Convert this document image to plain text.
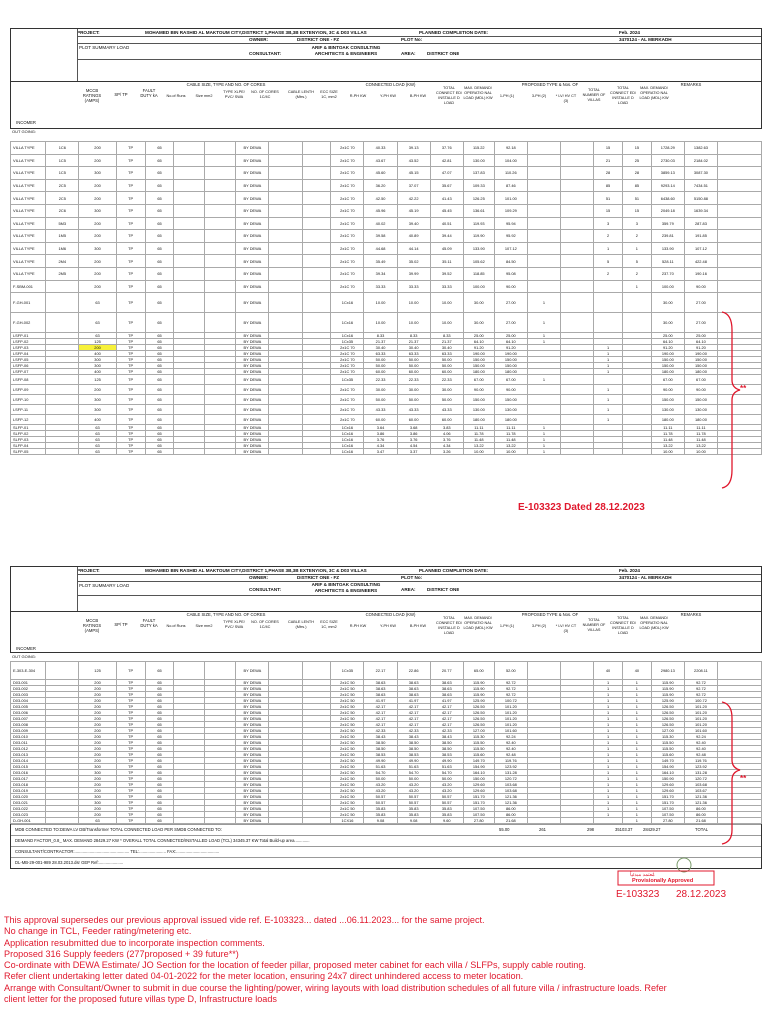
PROJECT:	MOHAMED BIN RASHID AL MAKTOUM CITY,DISTRICT 1,PHASE 3B,3B EXTENYION, 3C & D03 VILLAS	PLANNED COMPLETION DATE:	Feb. 2024
OWNER:	DISTRICT ONE - FZ	PLOT No:	3470124 - AL MERKADH
PLOT SUMMARY LOAD
CONSULTANT:
ARIF & BINTOAK CONSULTING ARCHITECTS & ENGINEERS	AREA: DISTRICT ONE
INCOMER
MCCB RATINGS (AMPS)
SP/ TP
FAULT DUTY kA
CABLE SIZE, TYPE AND NO. OF CORES
No.of Runs	Size mm2
TYPE XLPE/ PVC/ SWA
NO. OF CORES 1C/4C
CABLE LENTH (Mtrs.)
ECC SIZE 1C, mm2
CONNECTED LOAD (KW)
R-PH KW	Y-PH KW	B-PH KW
TOTAL CONNECT ED/ INSTALLE D LOAD
MAX. DEMAND/ OPERATIO NAL LOAD (MDL) KW
PROPOSED TYPE & Nos. OF
1-PH (1)	3-PH (2)	* LV/ HV CT (3)
TOTAL NUMBER OF VILLAS
TOTAL CONNECT ED/ INSTALLE D LOAD
MAX. DEMAND/ OPERATIO NAL LOAD (MDL) KW
REMARKS
OUT GOING:
VILLA TYPE	1C6	200	TP	65			BY DEWA			2x1C 70	40.33	39.13	37.76	115.22	92.18			15	15	1728.29	1382.63	
VILLA TYPE	1C5	200	TP	65			BY DEWA			2x1C 70	43.67	43.52	42.81	130.00	104.00			21	25	2730.03	2184.02	
VILLA TYPE	1C5	300	TP	65			BY DEWA			2x1C 70	45.60	45.15	47.07	137.83	110.26			28	28	3859.13	3087.30	
VILLA TYPE	2C5	200	TP	65			BY DEWA			2x1C 70	36.20	37.07	35.67	109.33	87.46			85	85	9293.14	7434.51	
VILLA TYPE	2C5	200	TP	65			BY DEWA			2x1C 70	42.50	42.22	41.43	126.25	101.00			51	51	6438.60	5150.88	
VILLA TYPE	2C6	300	TP	65			BY DEWA			2x1C 70	45.96	45.19	45.45	136.61	109.29			15	15	2049.18	1639.34	
VILLA TYPE	5M3	200	TP	65			BY DEWA			2x1C 70	40.02	39.40	40.51	119.93	95.94			3	3	359.79	287.83	
VILLA TYPE	1M5	200	TP	65			BY DEWA			2x1C 70	39.58	40.89	39.44	119.90	95.92			2	2	239.81	191.85	
VILLA TYPE	1M6	300	TP	65			BY DEWA			2x1C 70	44.68	44.14	45.09	133.90	107.12			1	1	133.90	107.12	
VILLA TYPE	2M4	200	TP	65			BY DEWA			2x1C 70	35.49	35.02	35.11	105.62	84.50			5	5	528.11	422.48	
VILLA TYPE	2M5	200	TP	65			BY DEWA			2x1C 70	39.34	39.99	39.52	118.85	95.08			2	2	237.70	190.16	
F-SBM-001		200	TP	65			BY DEWA			2x1C 70	33.33	33.33	33.33	100.00	90.00				1	100.00	90.00	
F-GH-001		63	TP	65			BY DEWA			1Cx16	10.00	10.00	10.00	30.00	27.00	1				30.00	27.00	
F-GH-002		63	TP	65			BY DEWA			1Cx16	10.00	10.00	10.00	30.00	27.00	1				30.00	27.00	
LSFP-01		63	TP	65			BY DEWA			1Cx16	8.33	8.33	8.33	25.00	25.00	1				25.00	25.00	
LSFP-02		125	TP	65			BY DEWA			1Cx35	21.37	21.37	21.37	64.10	64.10	1				64.10	64.10	
LSFP-03		200	TP	65			BY DEWA			2x1C 70	30.40	30.40	30.40	91.20	91.20			1		91.20	91.20	
LSFP-04		400	TP	65			BY DEWA			2x1C 70	63.33	63.33	63.33	190.00	190.00			1		190.00	190.00	
LSFP-05		300	TP	65			BY DEWA			2x1C 70	50.00	50.00	50.00	150.00	150.00			1		150.00	150.00	
LSFP-06		300	TP	65			BY DEWA			2x1C 70	50.00	50.00	50.00	150.00	150.00			1		150.00	150.00	
LSFP-07		400	TP	65			BY DEWA			2x1C 70	60.00	60.00	60.00	180.00	180.00			1		180.00	180.00	
LSFP-08		125	TP	65			BY DEWA			1Cx35	22.33	22.33	22.33	67.00	67.00	1				67.00	67.00	
LSFP-09		200	TP	65			BY DEWA			2x1C 70	30.00	30.00	30.00	90.00	90.00			1		90.00	90.00	
LSFP-10		300	TP	65			BY DEWA			2x1C 70	50.00	50.00	50.00	150.00	150.00			1		150.00	150.00	
LSFP-11		300	TP	65			BY DEWA			2x1C 70	43.33	43.33	43.33	130.00	130.00			1		130.00	130.00	
LSFP-12		400	TP	65			BY DEWA			2x1C 70	60.00	60.00	60.00	180.00	180.00			1		180.00	180.00	
SLFP-01		63	TP	65			BY DEWA			1Cx16	3.64	3.68	3.83	11.11	11.11	1				11.11	11.11	
SLFP-02		63	TP	65			BY DEWA			1Cx16	3.86	3.86	4.06	11.78	11.78	1				11.78	11.78	
SLFP-03		63	TP	65			BY DEWA			1Cx16	3.76	3.76	3.76	11.48	11.48	1				11.48	11.48	
SLFP-04		63	TP	65			BY DEWA			1Cx16	4.34	4.54	4.34	13.22	13.22	1				13.22	13.22	
SLFP-05		63	TP	65			BY DEWA			1Cx16	3.47	3.37	3.26	10.00	10.00	1				10.00	10.00	
E-103323 Dated 28.12.2023
PROJECT:	MOHAMED BIN RASHID AL MAKTOUM CITY,DISTRICT 1,PHASE 3B,3B EXTENYION, 3C & D03 VILLAS	PLANNED COMPLETION DATE:	Feb. 2024
OWNER:	DISTRICT ONE - FZ	PLOT No:	3470124 - AL MERKADH
PLOT SUMMARY LOAD
CONSULTANT:
ARIF & BINTOAK CONSULTING ARCHITECTS & ENGINEERS	AREA: DISTRICT ONE
INCOMER
MCCB RATINGS (AMPS)
SP/ TP
FAULT DUTY kA
CABLE SIZE, TYPE AND NO. OF CORES
No.of Runs	Size mm2
TYPE XLPE/ PVC/ SWA
NO. OF CORES 1C/4C
CABLE LENTH (Mtrs.)
ECC SIZE 1C, mm2
CONNECTED LOAD (KW)
R-PH KW	Y-PH KW	B-PH KW
TOTAL CONNECT ED/ INSTALLE D LOAD
MAX. DEMAND/ OPERATIO NAL LOAD (MDL) KW
PROPOSED TYPE & Nos. OF
1-PH (1)	3-PH (2)	* LV/ HV CT (3)
TOTAL NUMBER OF VILLAS
TOTAL CONNECT ED/ INSTALLE D LOAD
MAX. DEMAND/ OPERATIO NAL LOAD (MDL) KW
REMARKS
OUT GOING:
E-303-E-304		125	TP	65			BY DEWA			1Cx35	22.17	22.86	20.77	65.00	52.00			40	40	2980.13	2208.11	
D03-001		200	TP	65			BY DEWA			2x1C 50	38.63	38.63	38.63	115.90	92.72			1	1	115.90	92.72	
D03-002		200	TP	65			BY DEWA			2x1C 50	38.63	38.63	38.63	115.90	92.72			1	1	115.90	92.72	
D03-003		200	TP	65			BY DEWA			2x1C 50	38.63	38.63	38.63	115.90	92.72			1	1	115.90	92.72	
D03-004		200	TP	65			BY DEWA			2x1C 50	41.97	41.97	41.97	125.90	100.72			1	1	125.90	100.72	
D03-005		200	TP	65			BY DEWA			2x1C 50	42.17	42.17	42.17	126.50	101.20			1	1	126.50	101.20	
D03-006		200	TP	65			BY DEWA			2x1C 50	42.17	42.17	42.17	126.50	101.20			1	1	126.50	101.20	
D03-007		200	TP	65			BY DEWA			2x1C 50	42.17	42.17	42.17	126.50	101.20			1	1	126.50	101.20	
D03-008		200	TP	65			BY DEWA			2x1C 50	42.17	42.17	42.17	126.50	101.20			1	1	126.50	101.20	
D03-009		200	TP	65			BY DEWA			2x1C 50	42.33	42.33	42.33	127.00	101.60			1	1	127.00	101.60	
D03-010		200	TP	65			BY DEWA			2x1C 50	38.43	38.43	38.43	115.30	92.24			1	1	115.30	92.24	
D03-011		200	TP	65			BY DEWA			2x1C 50	38.50	38.50	38.50	115.50	92.40			1	1	115.50	92.40	
D03-012		200	TP	65			BY DEWA			2x1C 50	38.50	38.50	38.50	115.50	92.40			1	1	115.50	92.40	
D03-013		200	TP	65			BY DEWA			2x1C 50	38.53	38.53	38.53	115.60	92.48			1	1	115.60	92.48	
D03-014		200	TP	65			BY DEWA			2x1C 50	49.90	49.90	49.90	149.70	119.76			1	1	149.70	119.76	
D03-015		300	TP	65			BY DEWA			2x1C 50	51.63	51.63	51.63	154.90	123.92			1	1	154.90	123.92	
D03-016		300	TP	65			BY DEWA			2x1C 50	54.70	54.70	54.70	164.10	131.28			1	1	164.10	131.28	
D03-017		200	TP	65			BY DEWA			2x1C 50	50.00	50.00	50.00	150.00	120.72			1	1	150.90	120.72	
D03-018		200	TP	65			BY DEWA			2x1C 50	43.20	43.20	43.20	129.60	103.68			1	1	129.60	103.68	
D03-019		200	TP	65			BY DEWA			2x1C 50	43.20	43.20	43.20	129.60	103.68			1	1	129.60	103.67	
D03-020		300	TP	65			BY DEWA			2x1C 50	50.57	50.57	50.57	151.70	121.36			1	1	151.70	121.36	
D03-021		300	TP	65			BY DEWA			2x1C 50	50.57	50.57	50.57	151.70	121.36			1	1	151.70	121.36	
D03-022		200	TP	65			BY DEWA			2x1C 50	35.83	35.83	35.83	107.50	86.00			1	1	107.50	86.00	
D03-023		200	TP	65			BY DEWA			2x1C 50	35.83	35.83	35.83	107.50	86.00			1	1	107.50	86.00	
D-GH-001		63	TP	65			BY DEWA			1CX16	9.08	9.08	9.60	27.80	21.68				1	27.80	21.68	
MDB CONNECTED TO:DEWA LV DB/Transformer TOTAL CONNECTED LOAD PER SMDB CONNECTED TO:	55.00	261	298	35103.37	28429.27	TOTAL
DEMAND FACTOR_0.8_ MAX. DEMAND 28429.27 KW * OVERALL TOTAL CONNECTED/INSTALLED LOAD (TCL) 34345.37 KW Total Build-up area.............
CONSULTANT/CONTRACTOR:............................................... TEL:....................... FAX:.....................................
DL-MB-29-001-989 28.03.2013.dsr GEP Ref:.....................
**
**
مُعتمد مبدئياً
Provisionally Approved
E-103323 28.12.2023
This approval supersedes our previous approval issued vide ref. E-103323... dated ...06.11.2023... for the same project.
No change in TCL, Feeder rating/metering etc.
Application resubmitted due to incorporate inspection comments.
Proposed 316 Supply feeders (277proposed + 39 future**)
Co-ordinate with DEWA Estimate/ JO Section for the location of feeder pillar, proposed meter cabinet for each villa / SLFPs, supply cable routing.
Refer client undertaking letter dated 04-01-2022 for the meter location, ensuring 24x7 direct unhindered access to meter location.
Arrange with Consultant/Owner to submit in due course the lighting/power, wiring layouts with load distribution schedules of all future villa / infrastructure loads. Refer
client letter for the proposed future villas type D, Infrastructure loads
